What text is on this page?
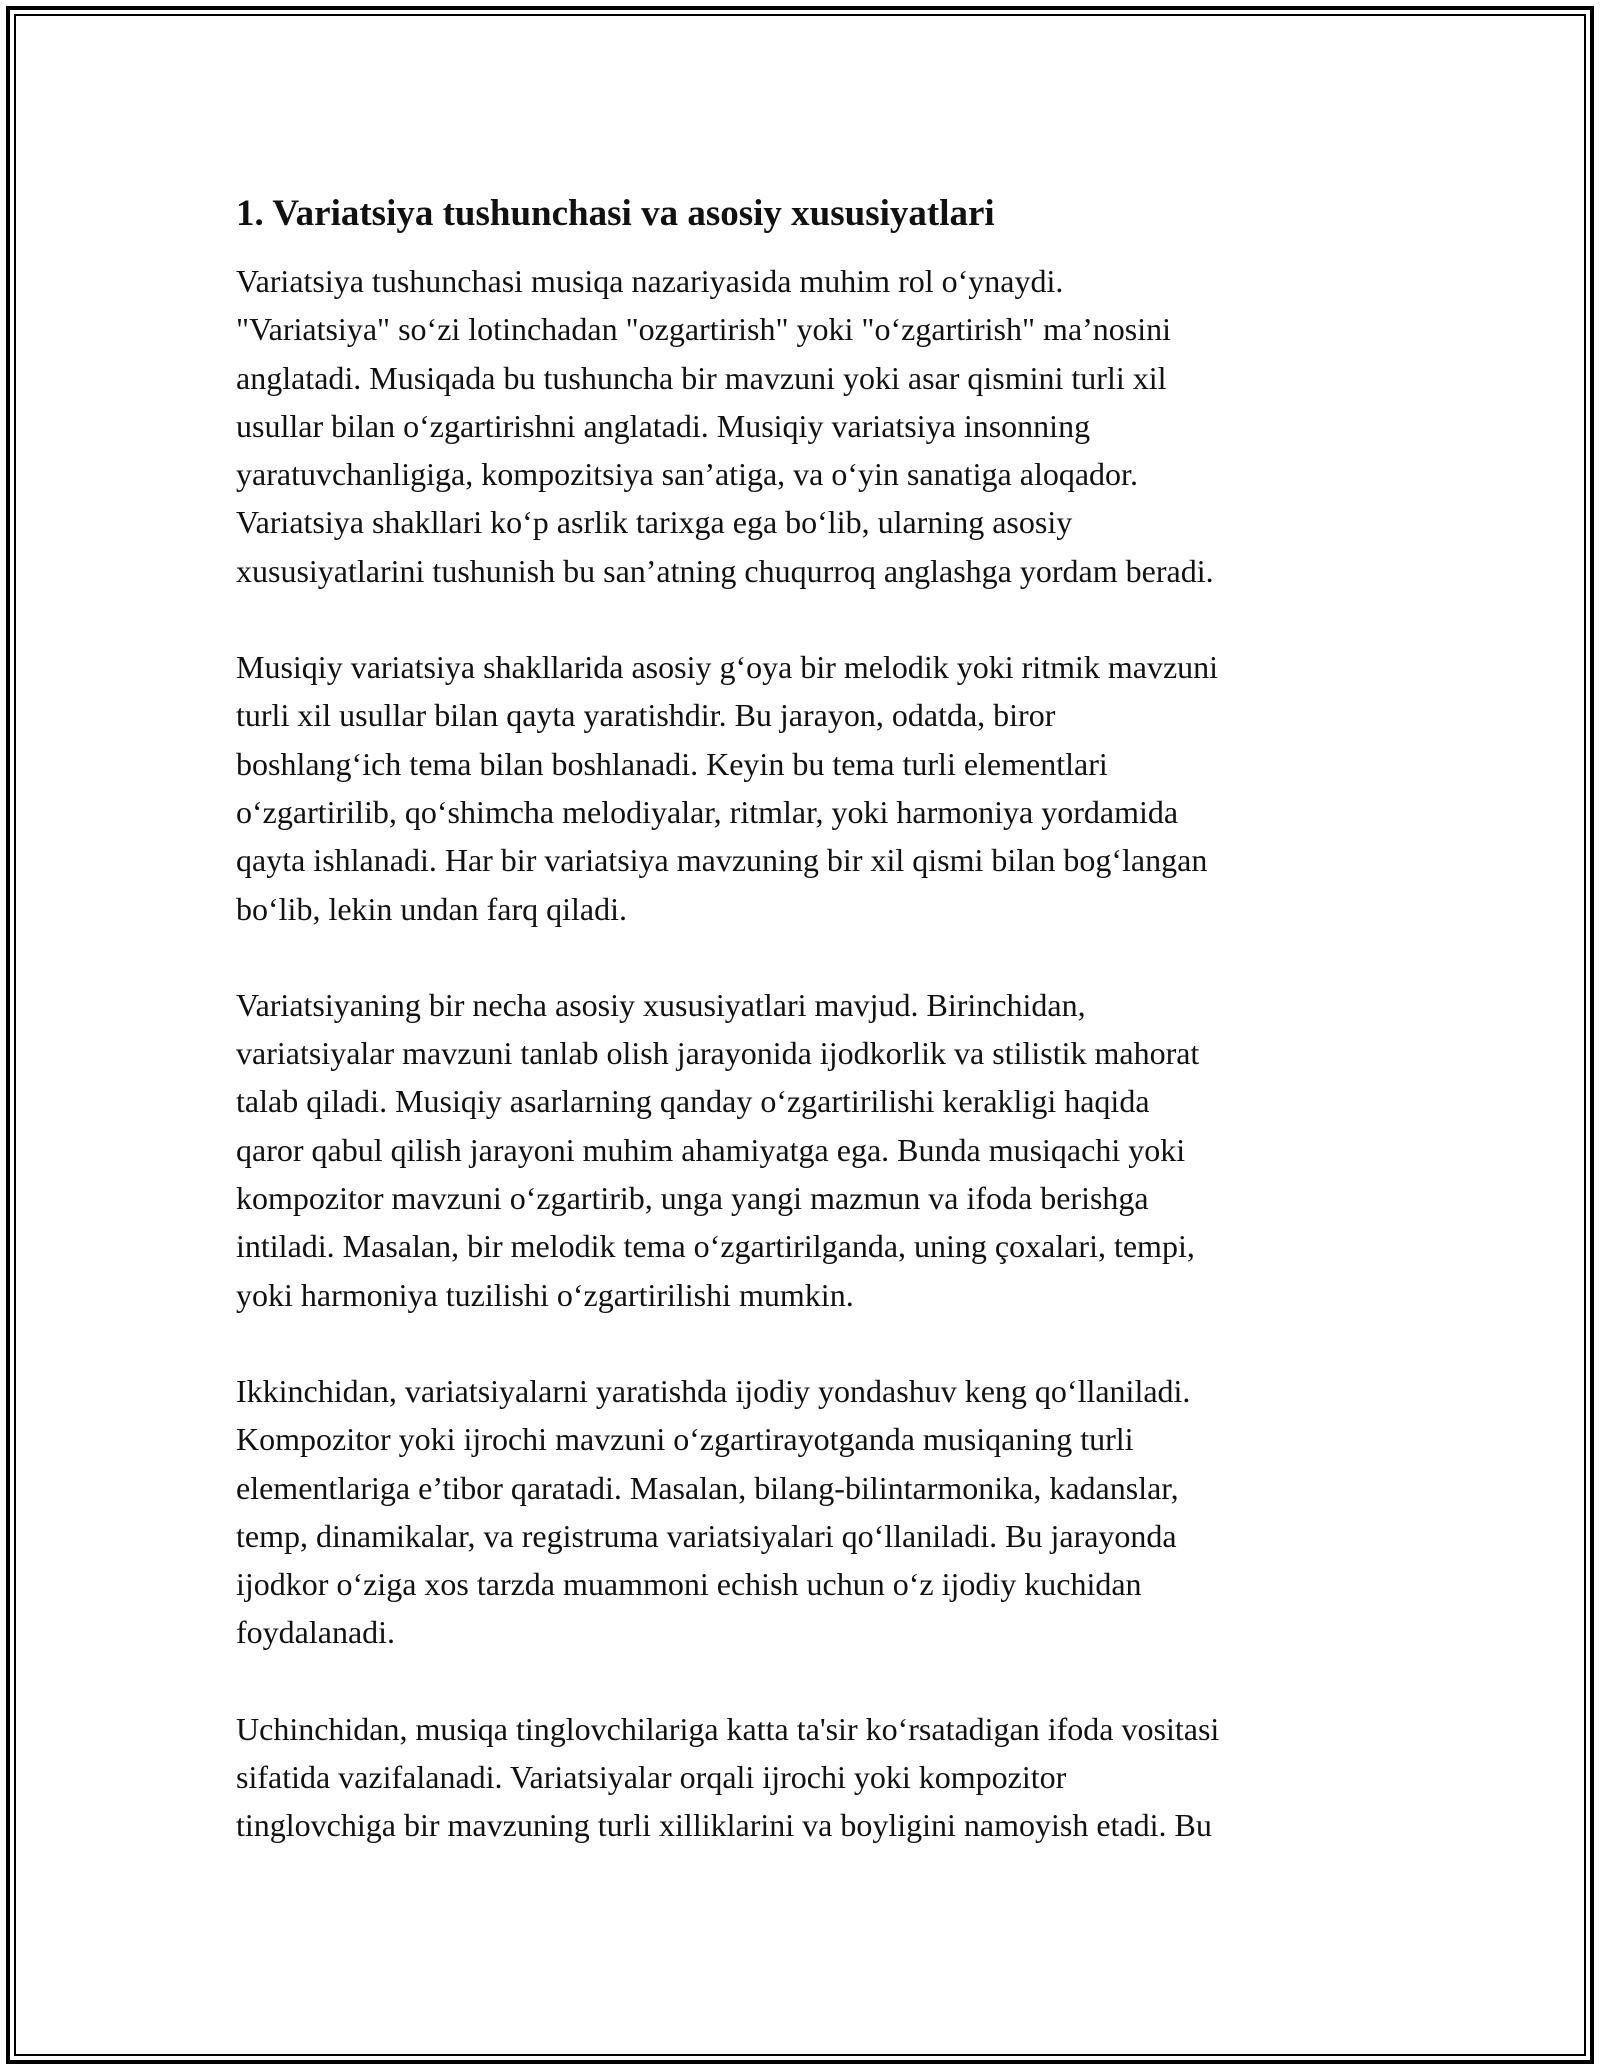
1. Variatsiya tushunchasi va asosiy xususiyatlari

Variatsiya tushunchasi musiqa nazariyasida muhim rol o‘ynaydi.

"Variatsiya" so‘zi lotinchadan "ozgartirish" yoki "o‘zgartirish" ma’nosini

anglatadi. Musiqada bu tushuncha bir mavzuni yoki asar qismini turli xil

usullar bilan o‘zgartirishni anglatadi. Musiqiy variatsiya insonning

yaratuvchanligiga, kompozitsiya san’atiga, va o‘yin sanatiga aloqador.

Variatsiya shakllari ko‘p asrlik tarixga ega bo‘lib, ularning asosiy

xususiyatlarini tushunish bu san’atning chuqurroq anglashga yordam beradi.

Musiqiy variatsiya shakllarida asosiy g‘oya bir melodik yoki ritmik mavzuni

turli xil usullar bilan qayta yaratishdir. Bu jarayon, odatda, biror

boshlang‘ich tema bilan boshlanadi. Keyin bu tema turli elementlari

o‘zgartirilib, qo‘shimcha melodiyalar, ritmlar, yoki harmoniya yordamida

qayta ishlanadi. Har bir variatsiya mavzuning bir xil qismi bilan bog‘langan

bo‘lib, lekin undan farq qiladi.

Variatsiyaning bir necha asosiy xususiyatlari mavjud. Birinchidan,

variatsiyalar mavzuni tanlab olish jarayonida ijodkorlik va stilistik mahorat

talab qiladi. Musiqiy asarlarning qanday o‘zgartirilishi kerakligi haqida

qaror qabul qilish jarayoni muhim ahamiyatga ega. Bunda musiqachi yoki

kompozitor mavzuni o‘zgartirib, unga yangi mazmun va ifoda berishga

intiladi. Masalan, bir melodik tema o‘zgartirilganda, uning çoxalari, tempi,

yoki harmoniya tuzilishi o‘zgartirilishi mumkin.

Ikkinchidan, variatsiyalarni yaratishda ijodiy yondashuv keng qo‘llaniladi.

Kompozitor yoki ijrochi mavzuni o‘zgartirayotganda musiqaning turli

elementlariga e’tibor qaratadi. Masalan, bilang-bilintarmonika, kadanslar,

temp, dinamikalar, va registruma variatsiyalari qo‘llaniladi. Bu jarayonda

ijodkor o‘ziga xos tarzda muammoni echish uchun o‘z ijodiy kuchidan

foydalanadi.

Uchinchidan, musiqa tinglovchilariga katta ta'sir ko‘rsatadigan ifoda vositasi

sifatida vazifalanadi. Variatsiyalar orqali ijrochi yoki kompozitor

tinglovchiga bir mavzuning turli xilliklarini va boyligini namoyish etadi. Bu
